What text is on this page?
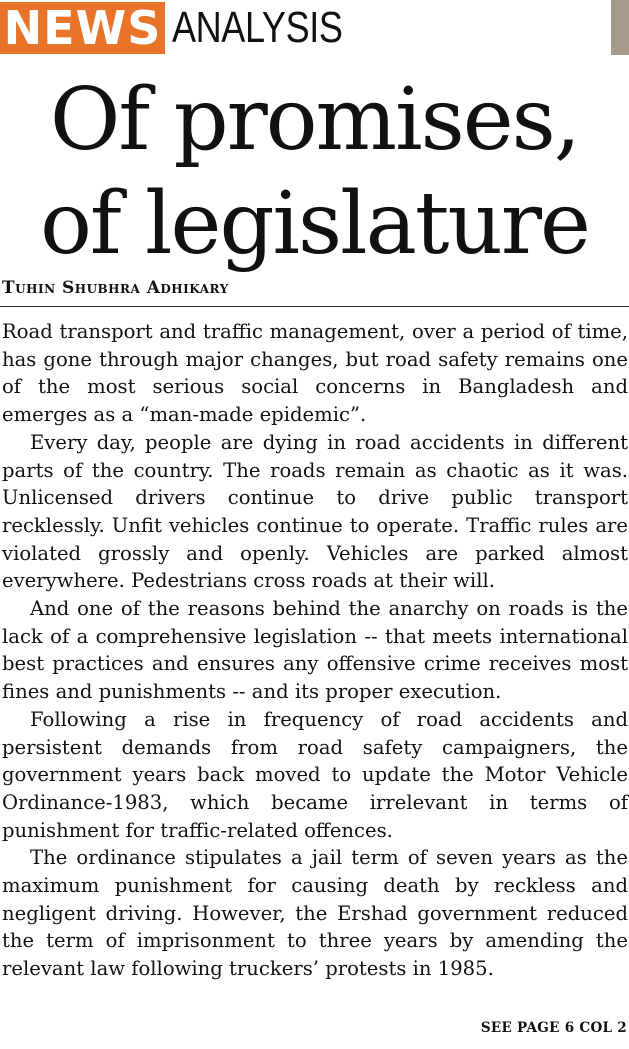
NEWS ANALYSIS
Of promises,
of legislature
Tuhin Shubhra Adhikary

Road transport and traffic management, over a period of time, has gone through major changes, but road safety remains one of the most serious social concerns in Bangladesh and emerges as a “man-made epidemic”.

Every day, people are dying in road accidents in different parts of the country. The roads remain as chaotic as it was. Unlicensed drivers continue to drive public transport recklessly. Unfit vehicles continue to operate. Traffic rules are violated grossly and openly. Vehicles are parked almost everywhere. Pedestrians cross roads at their will.

And one of the reasons behind the anarchy on roads is the lack of a comprehensive legislation -- that meets international best practices and ensures any offensive crime receives most fines and punishments -- and its proper execution.

Following a rise in frequency of road accidents and persistent demands from road safety campaigners, the government years back moved to update the Motor Vehicle Ordinance-1983, which became irrelevant in terms of punishment for traffic-related offences.

The ordinance stipulates a jail term of seven years as the maximum punishment for causing death by reckless and negligent driving. However, the Ershad government reduced the term of imprisonment to three years by amending the relevant law following truckers’ protests in 1985.

SEE PAGE 6 COL 2
